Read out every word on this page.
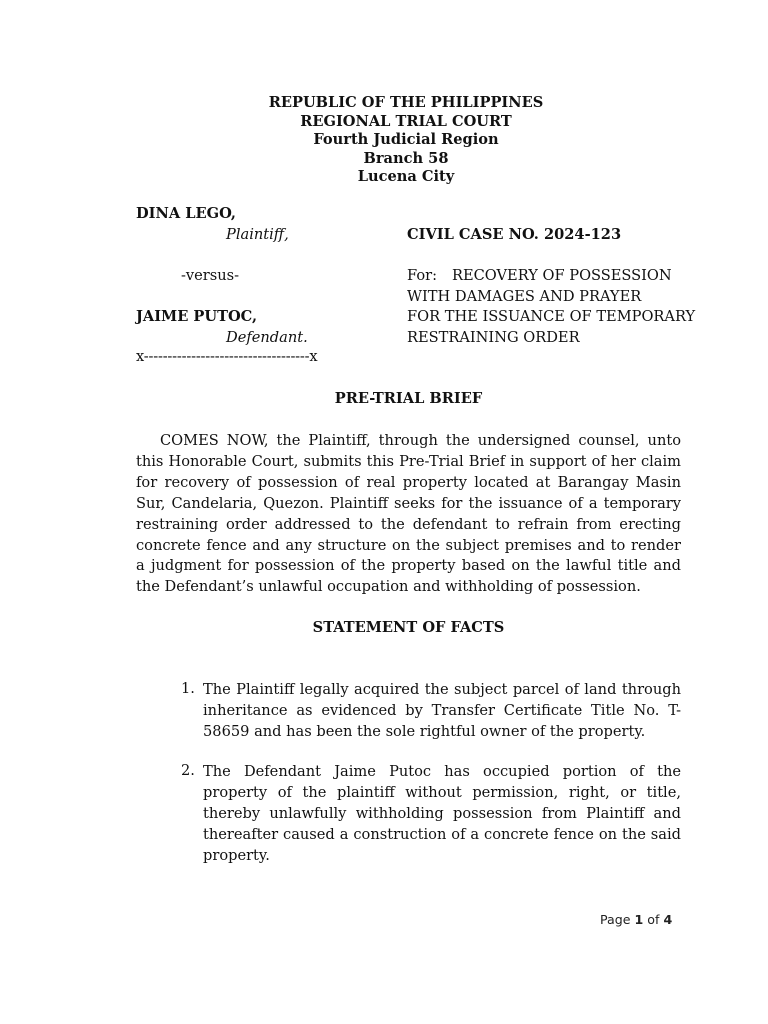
REPUBLIC OF THE PHILIPPINES
REGIONAL TRIAL COURT
Fourth Judicial Region
Branch 58
Lucena City
DINA LEGO,
Plaintiff,
-versus-
JAIME PUTOC,
Defendant.
x-----------------------------------x
CIVIL CASE NO. 2024-123
For: RECOVERY OF POSSESSION
WITH DAMAGES AND PRAYER
FOR THE ISSUANCE OF TEMPORARY
RESTRAINING ORDER
PRE-TRIAL BRIEF
COMES NOW, the Plaintiff, through the undersigned counsel, unto this Honorable Court, submits this Pre-Trial Brief in support of her claim for recovery of possession of real property located at Barangay Masin Sur, Candelaria, Quezon. Plaintiff seeks for the issuance of a temporary restraining order addressed to the defendant to refrain from erecting concrete fence and any structure on the subject premises and to render a judgment for possession of the property based on the lawful title and the Defendant’s unlawful occupation and withholding of possession.
STATEMENT OF FACTS
1. The Plaintiff legally acquired the subject parcel of land through inheritance as evidenced by Transfer Certificate Title No. T-58659 and has been the sole rightful owner of the property.
2. The Defendant Jaime Putoc has occupied portion of the property of the plaintiff without permission, right, or title, thereby unlawfully withholding possession from Plaintiff and thereafter caused a construction of a concrete fence on the said property.
Page 1 of 4
